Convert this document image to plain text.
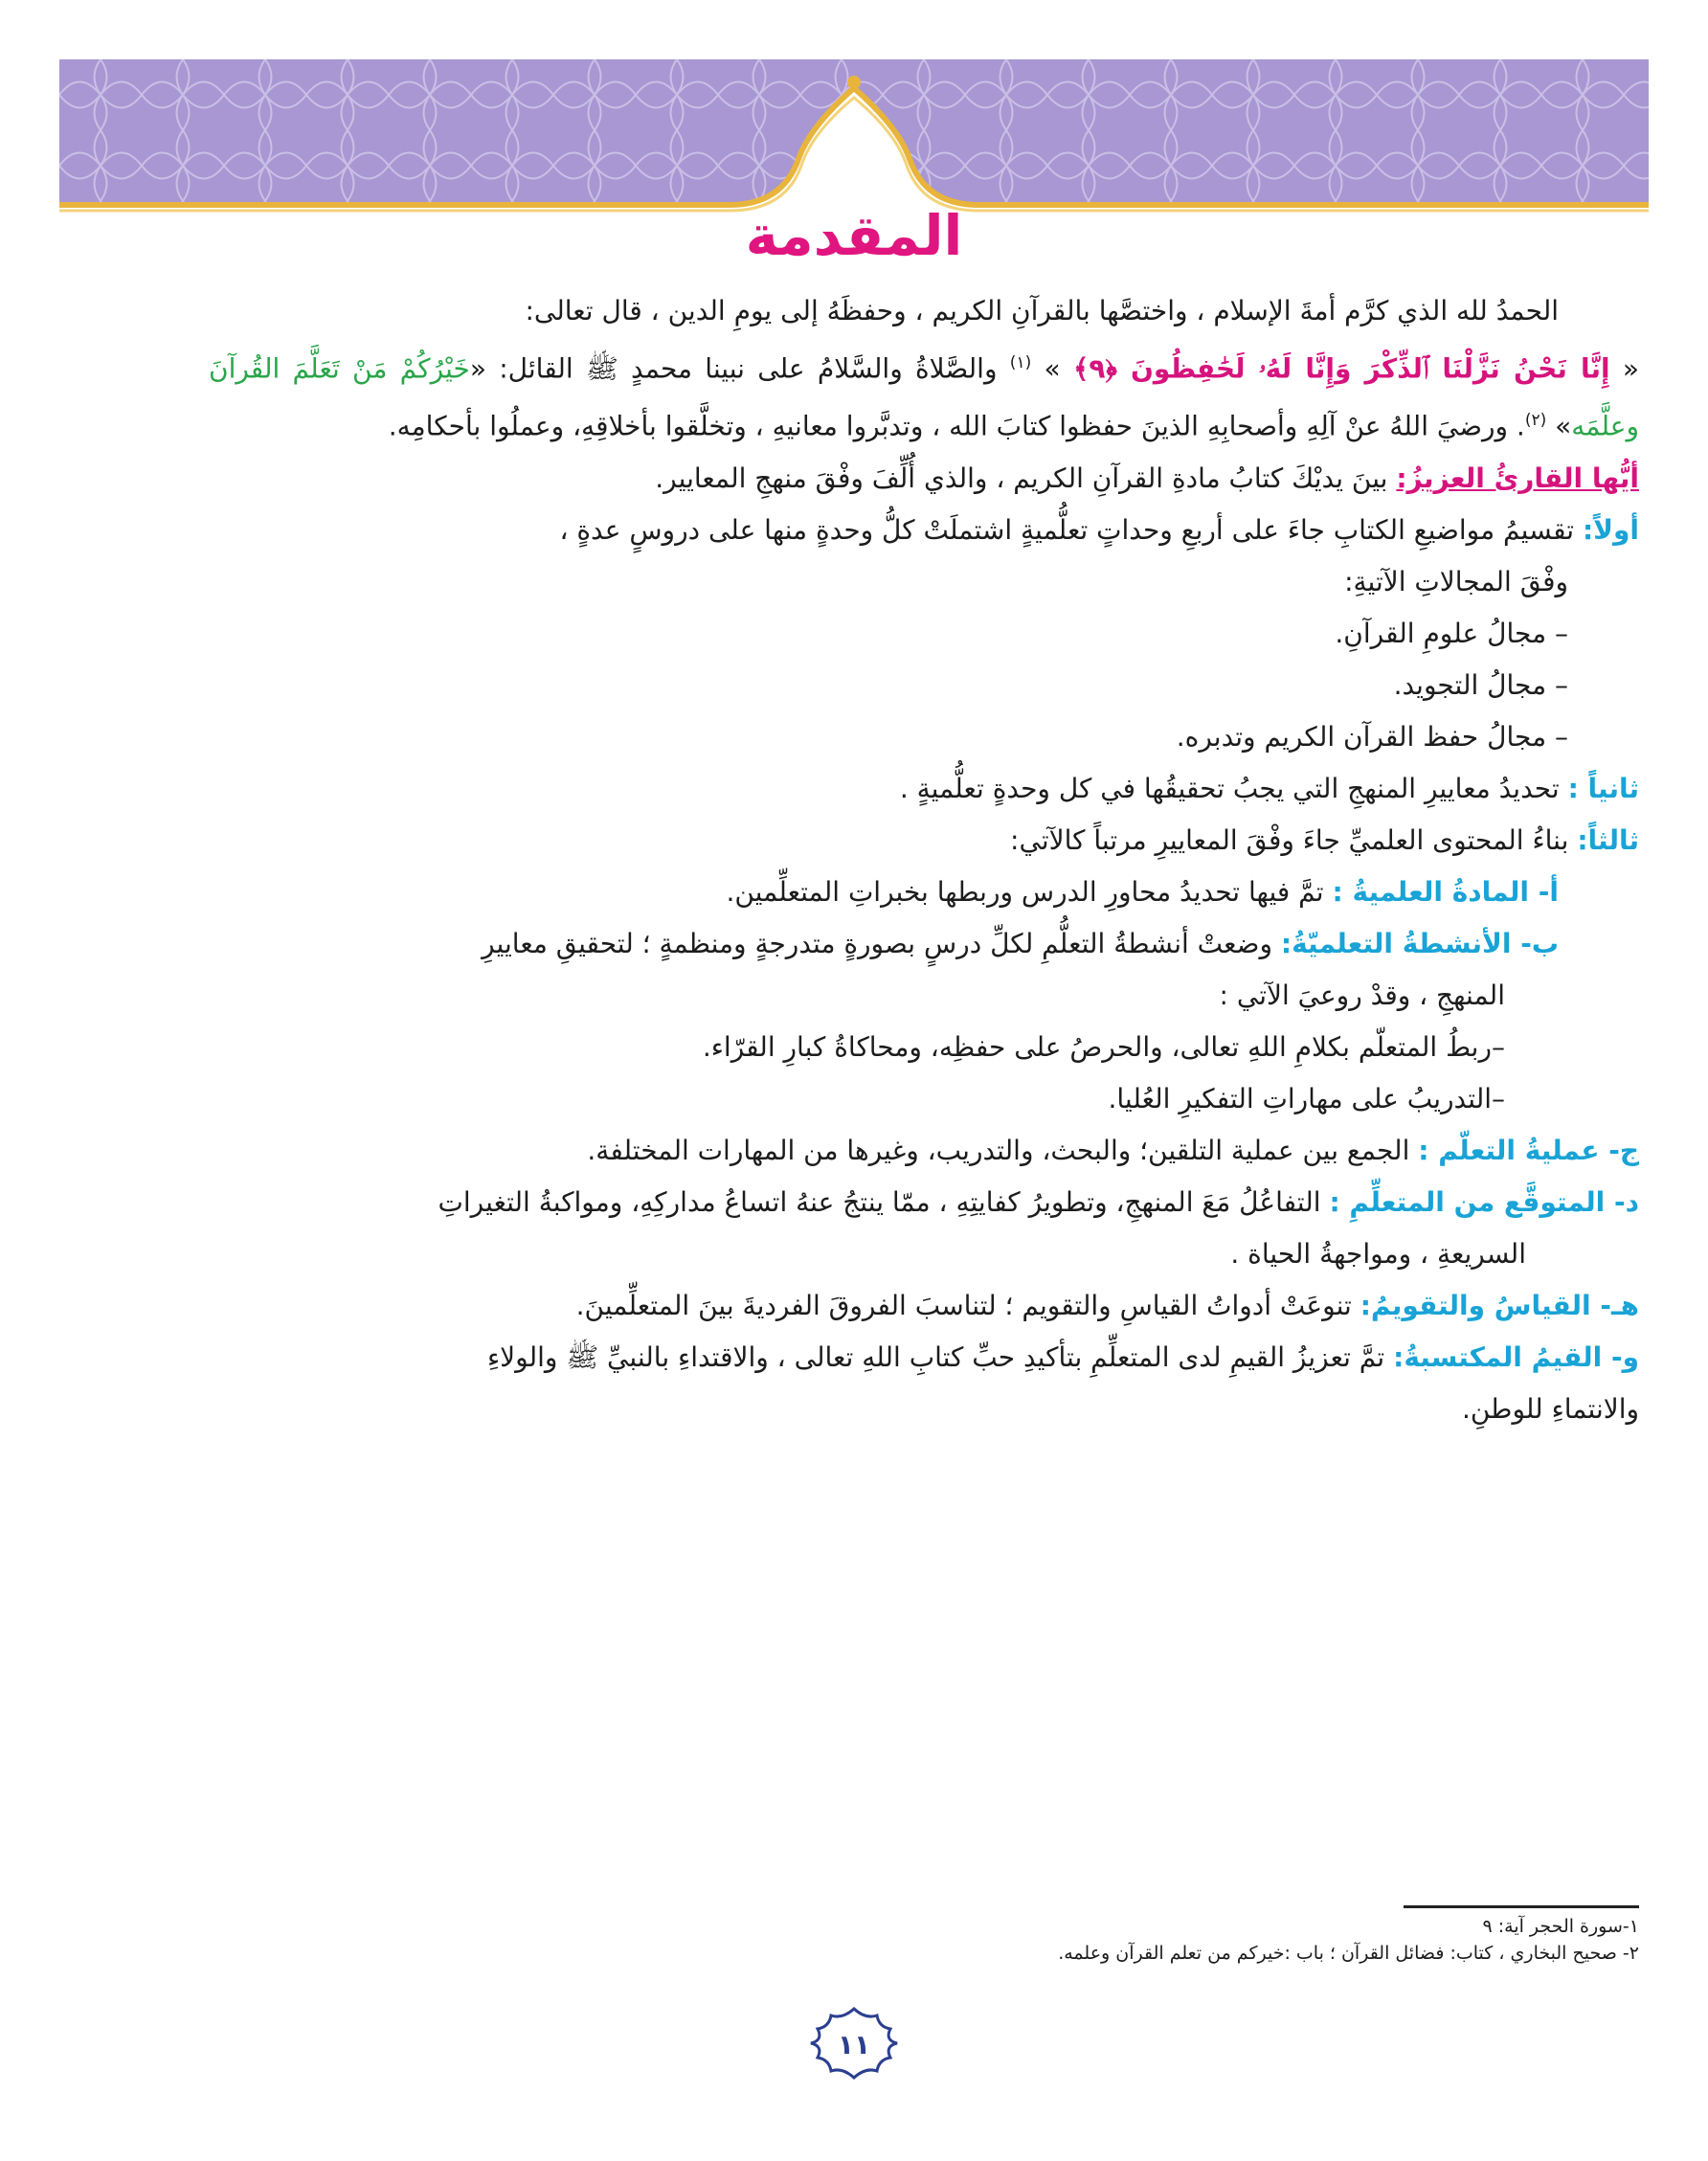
المقدمة

الحمدُ لله الذي كرَّم أمةَ الإسلام ، واختصَّها بالقرآنِ الكريم ، وحفظَهُ إلى يومِ الدين ، قال تعالى:

« إِنَّا نَحْنُ نَزَّلْنَا ٱلذِّكْرَ وَإِنَّا لَهُۥ لَحَٰفِظُونَ ﴿٩﴾ » $^{(١)}$ والصَّلاةُ والسَّلامُ على نبينا محمدٍ ﷺ القائل: «خَيْرُكُمْ مَنْ تَعَلَّمَ القُرآنَ وعلَّمَه» $^{(٢)}$. ورضيَ اللهُ عنْ آلِهِ وأصحابِهِ الذينَ حفظوا كتابَ الله ، وتدبَّروا معانيهِ ، وتخلَّقوا بأخلاقِهِ، وعملُوا بأحكامِه.

أيُّها القارئُ العزيزُ: بينَ يديْكَ كتابُ مادةِ القرآنِ الكريم ، والذي أُلِّفَ وفْقَ منهجِ المعايير.

أولاً: تقسيمُ مواضيعِ الكتابِ جاءَ على أربعِ وحداتٍ تعلُّميةٍ اشتملَتْ كلُّ وحدةٍ منها على دروسٍ عدةٍ ،

وفْقَ المجالاتِ الآتيةِ:

– مجالُ علومِ القرآنِ.

– مجالُ التجويد.

– مجالُ حفظ القرآن الكريم وتدبره.

ثانياً : تحديدُ معاييرِ المنهجِ التي يجبُ تحقيقُها في كل وحدةٍ تعلُّميةٍ .

ثالثاً: بناءُ المحتوى العلميِّ جاءَ وفْقَ المعاييرِ مرتباً كالآتي:

أ- المادةُ العلميةُ : تمَّ فيها تحديدُ محاورِ الدرس وربطها بخبراتِ المتعلِّمين.

ب- الأنشطةُ التعلميّةُ: وضعتْ أنشطةُ التعلُّمِ لكلِّ درسٍ بصورةٍ متدرجةٍ ومنظمةٍ ؛ لتحقيقِ معاييرِ

المنهجِ ، وقدْ روعيَ الآتي :

–ربطُ المتعلّم بكلامِ اللهِ تعالى، والحرصُ على حفظِه، ومحاكاةُ كبارِ القرّاء.

–التدريبُ على مهاراتِ التفكيرِ العُليا.

ج- عمليةُ التعلّم : الجمع بين عملية التلقين؛ والبحث، والتدريب، وغيرها من المهارات المختلفة.

د- المتوقَّع من المتعلِّمِ : التفاعُلُ مَعَ المنهجِ، وتطويرُ كفايتِهِ ، ممّا ينتجُ عنهُ اتساعُ مداركِهِ، ومواكبةُ التغيراتِ

السريعةِ ، ومواجهةُ الحياة .

هـ- القياسُ والتقويمُ: تنوعَتْ أدواتُ القياسِ والتقويم ؛ لتناسبَ الفروقَ الفرديةَ بينَ المتعلِّمينَ.

و- القيمُ المكتسبةُ: تمَّ تعزيزُ القيمِ لدى المتعلِّمِ بتأكيدِ حبِّ كتابِ اللهِ تعالى ، والاقتداءِ بالنبيِّ ﷺ والولاءِ

والانتماءِ للوطنِ.

١-سورة الحجر آية: ٩
٢- صحيح البخاري ، كتاب: فضائل القرآن ؛ باب :خيركم من تعلم القرآن وعلمه.
١١
